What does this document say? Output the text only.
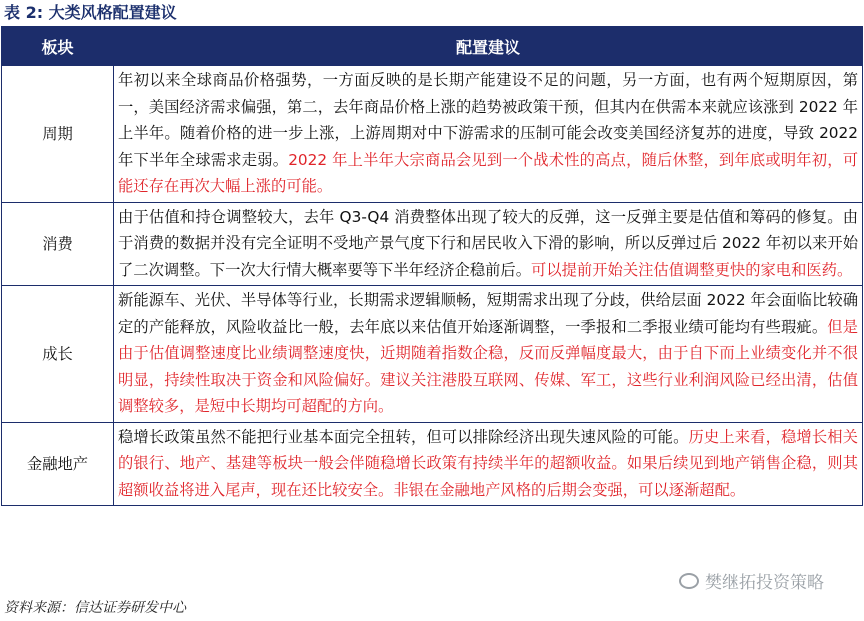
表 2: 大类风格配置建议
板块	配置建议
周期	年初以来全球商品价格强势，一方面反映的是长期产能建设不足的问题，另一方面，也有两个短期原因，第一，美国经济需求偏强，第二，去年商品价格上涨的趋势被政策干预，但其内在供需本来就应该涨到 2022 年上半年。随着价格的进一步上涨，上游周期对中下游需求的压制可能会改变美国经济复苏的进度，导致 2022 年下半年全球需求走弱。2022 年上半年大宗商品会见到一个战术性的高点，随后休整，到年底或明年初，可能还存在再次大幅上涨的可能。
消费	由于估值和持仓调整较大，去年 Q3-Q4 消费整体出现了较大的反弹，这一反弹主要是估值和筹码的修复。由于消费的数据并没有完全证明不受地产景气度下行和居民收入下滑的影响，所以反弹过后 2022 年初以来开始了二次调整。下一次大行情大概率要等下半年经济企稳前后。可以提前开始关注估值调整更快的家电和医药。
成长	新能源车、光伏、半导体等行业，长期需求逻辑顺畅，短期需求出现了分歧，供给层面 2022 年会面临比较确定的产能释放，风险收益比一般，去年底以来估值开始逐渐调整，一季报和二季报业绩可能均有些瑕疵。但是由于估值调整速度比业绩调整速度快，近期随着指数企稳，反而反弹幅度最大，由于自下而上业绩变化并不很明显，持续性取决于资金和风险偏好。建议关注港股互联网、传媒、军工，这些行业利润风险已经出清，估值调整较多，是短中长期均可超配的方向。
金融地产	稳增长政策虽然不能把行业基本面完全扭转，但可以排除经济出现失速风险的可能。历史上来看，稳增长相关的银行、地产、基建等板块一般会伴随稳增长政策有持续半年的超额收益。如果后续见到地产销售企稳，则其超额收益将进入尾声，现在还比较安全。非银在金融地产风格的后期会变强，可以逐渐超配。
樊继拓投资策略
资料来源：信达证券研发中心
